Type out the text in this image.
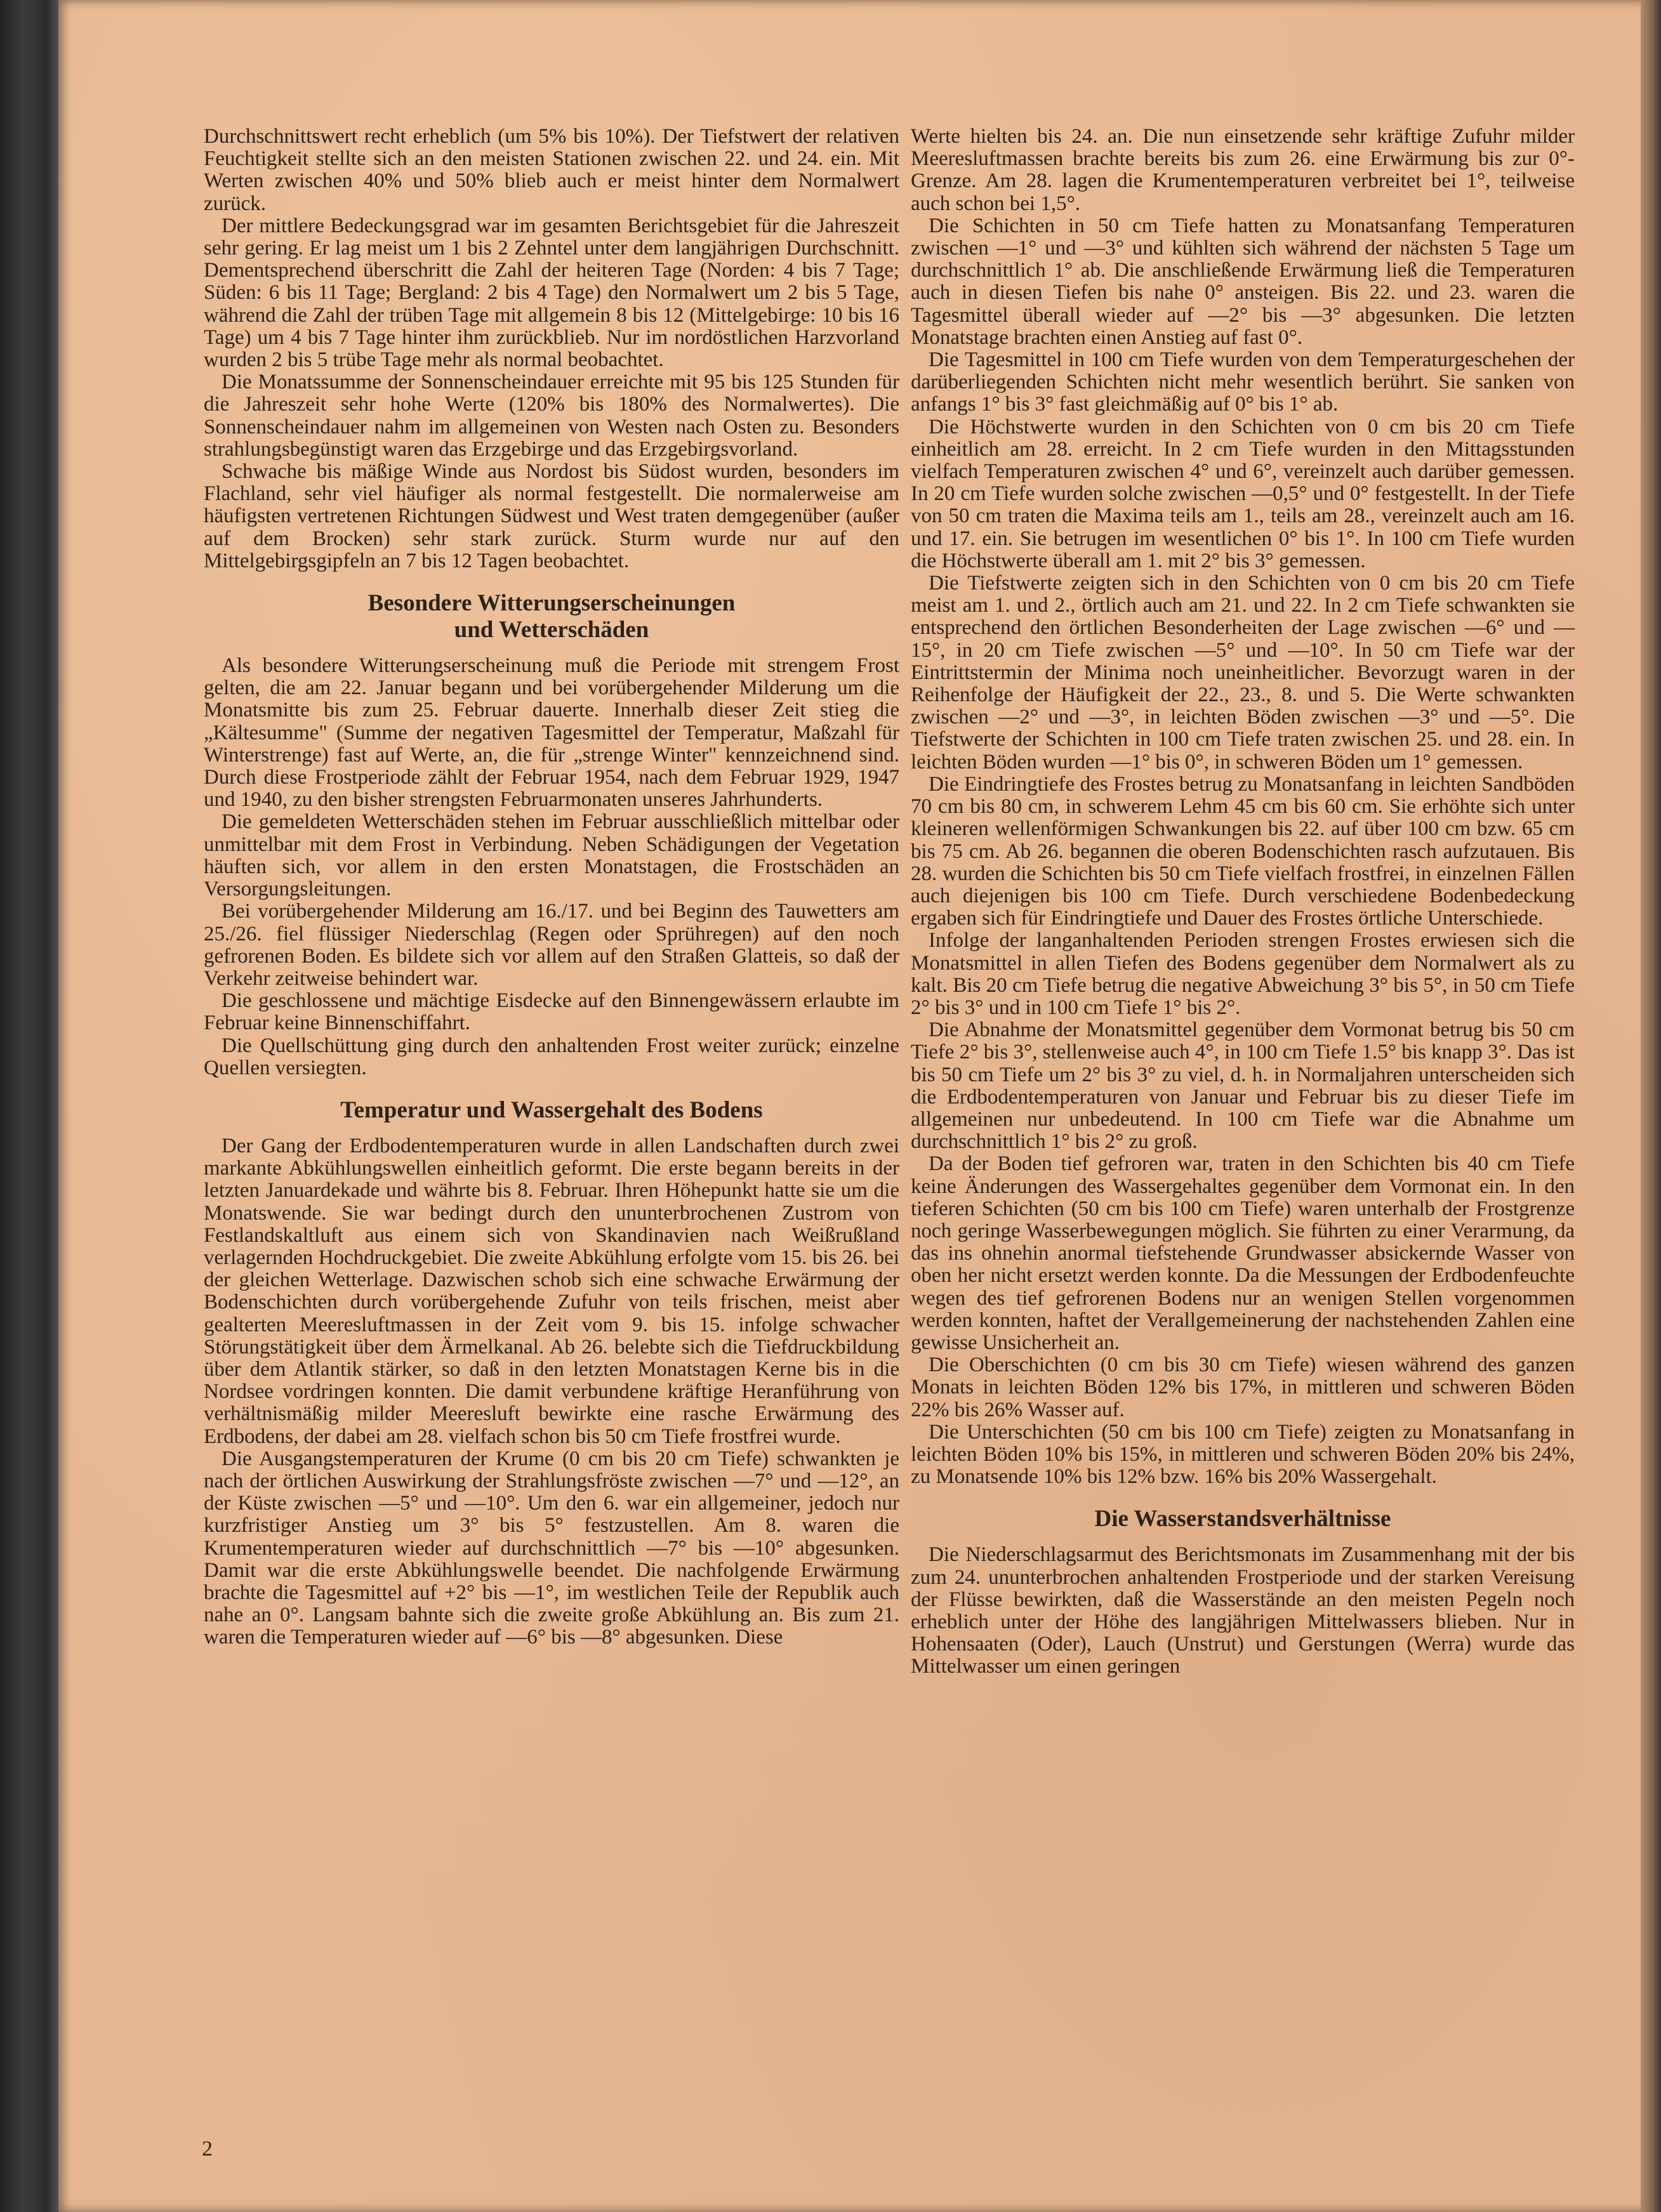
Durchschnittswert recht erheblich (um 5% bis 10%). Der Tiefstwert der relativen Feuchtigkeit stellte sich an den meisten Stationen zwischen 22. und 24. ein. Mit Werten zwischen 40% und 50% blieb auch er meist hinter dem Normalwert zurück.

Der mittlere Bedeckungsgrad war im gesamten Berichtsgebiet für die Jahreszeit sehr gering. Er lag meist um 1 bis 2 Zehntel unter dem langjährigen Durchschnitt. Dementsprechend überschritt die Zahl der heiteren Tage (Norden: 4 bis 7 Tage; Süden: 6 bis 11 Tage; Bergland: 2 bis 4 Tage) den Normalwert um 2 bis 5 Tage, während die Zahl der trüben Tage mit allgemein 8 bis 12 (Mittelgebirge: 10 bis 16 Tage) um 4 bis 7 Tage hinter ihm zurückblieb. Nur im nordöstlichen Harzvorland wurden 2 bis 5 trübe Tage mehr als normal beobachtet.

Die Monatssumme der Sonnenscheindauer erreichte mit 95 bis 125 Stunden für die Jahreszeit sehr hohe Werte (120% bis 180% des Normalwertes). Die Sonnenscheindauer nahm im allgemeinen von Westen nach Osten zu. Besonders strahlungsbegünstigt waren das Erzgebirge und das Erzgebirgsvorland.

Schwache bis mäßige Winde aus Nordost bis Südost wurden, besonders im Flachland, sehr viel häufiger als normal festgestellt. Die normalerweise am häufigsten vertretenen Richtungen Südwest und West traten demgegenüber (außer auf dem Brocken) sehr stark zurück. Sturm wurde nur auf den Mittelgebirgsgipfeln an 7 bis 12 Tagen beobachtet.

Besondere Witterungserscheinungen
und Wetterschäden

Als besondere Witterungserscheinung muß die Periode mit strengem Frost gelten, die am 22. Januar begann und bei vorübergehender Milderung um die Monatsmitte bis zum 25. Februar dauerte. Innerhalb dieser Zeit stieg die „Kältesumme" (Summe der negativen Tagesmittel der Temperatur, Maßzahl für Winterstrenge) fast auf Werte, an, die für „strenge Winter" kennzeichnend sind. Durch diese Frostperiode zählt der Februar 1954, nach dem Februar 1929, 1947 und 1940, zu den bisher strengsten Februarmonaten unseres Jahrhunderts.

Die gemeldeten Wetterschäden stehen im Februar ausschließlich mittelbar oder unmittelbar mit dem Frost in Verbindung. Neben Schädigungen der Vegetation häuften sich, vor allem in den ersten Monatstagen, die Frostschäden an Versorgungsleitungen.

Bei vorübergehender Milderung am 16./17. und bei Beginn des Tauwetters am 25./26. fiel flüssiger Niederschlag (Regen oder Sprühregen) auf den noch gefrorenen Boden. Es bildete sich vor allem auf den Straßen Glatteis, so daß der Verkehr zeitweise behindert war.

Die geschlossene und mächtige Eisdecke auf den Binnengewässern erlaubte im Februar keine Binnenschiffahrt.

Die Quellschüttung ging durch den anhaltenden Frost weiter zurück; einzelne Quellen versiegten.

Temperatur und Wassergehalt des Bodens

Der Gang der Erdbodentemperaturen wurde in allen Landschaften durch zwei markante Abkühlungswellen einheitlich geformt. Die erste begann bereits in der letzten Januardekade und währte bis 8. Februar. Ihren Höhepunkt hatte sie um die Monatswende. Sie war bedingt durch den ununterbrochenen Zustrom von Festlandskaltluft aus einem sich von Skandinavien nach Weißrußland verlagernden Hochdruckgebiet. Die zweite Abkühlung erfolgte vom 15. bis 26. bei der gleichen Wetterlage. Dazwischen schob sich eine schwache Erwärmung der Bodenschichten durch vorübergehende Zufuhr von teils frischen, meist aber gealterten Meeresluftmassen in der Zeit vom 9. bis 15. infolge schwacher Störungstätigkeit über dem Ärmelkanal. Ab 26. belebte sich die Tiefdruckbildung über dem Atlantik stärker, so daß in den letzten Monatstagen Kerne bis in die Nordsee vordringen konnten. Die damit verbundene kräftige Heranführung von verhältnismäßig milder Meeresluft bewirkte eine rasche Erwärmung des Erdbodens, der dabei am 28. vielfach schon bis 50 cm Tiefe frostfrei wurde.

Die Ausgangstemperaturen der Krume (0 cm bis 20 cm Tiefe) schwankten je nach der örtlichen Auswirkung der Strahlungsfröste zwischen —7° und —12°, an der Küste zwischen —5° und —10°. Um den 6. war ein allgemeiner, jedoch nur kurzfristiger Anstieg um 3° bis 5° festzustellen. Am 8. waren die Krumentemperaturen wieder auf durchschnittlich —7° bis —10° abgesunken. Damit war die erste Abkühlungswelle beendet. Die nachfolgende Erwärmung brachte die Tagesmittel auf +2° bis —1°, im westlichen Teile der Republik auch nahe an 0°. Langsam bahnte sich die zweite große Abkühlung an. Bis zum 21. waren die Temperaturen wieder auf —6° bis —8° abgesunken. Diese

Werte hielten bis 24. an. Die nun einsetzende sehr kräftige Zufuhr milder Meeresluftmassen brachte bereits bis zum 26. eine Erwärmung bis zur 0°-Grenze. Am 28. lagen die Krumentemperaturen verbreitet bei 1°, teilweise auch schon bei 1,5°.

Die Schichten in 50 cm Tiefe hatten zu Monatsanfang Temperaturen zwischen —1° und —3° und kühlten sich während der nächsten 5 Tage um durchschnittlich 1° ab. Die anschließende Erwärmung ließ die Temperaturen auch in diesen Tiefen bis nahe 0° ansteigen. Bis 22. und 23. waren die Tagesmittel überall wieder auf —2° bis —3° abgesunken. Die letzten Monatstage brachten einen Anstieg auf fast 0°.

Die Tagesmittel in 100 cm Tiefe wurden von dem Temperaturgeschehen der darüberliegenden Schichten nicht mehr wesentlich berührt. Sie sanken von anfangs 1° bis 3° fast gleichmäßig auf 0° bis 1° ab.

Die Höchstwerte wurden in den Schichten von 0 cm bis 20 cm Tiefe einheitlich am 28. erreicht. In 2 cm Tiefe wurden in den Mittagsstunden vielfach Temperaturen zwischen 4° und 6°, vereinzelt auch darüber gemessen. In 20 cm Tiefe wurden solche zwischen —0,5° und 0° festgestellt. In der Tiefe von 50 cm traten die Maxima teils am 1., teils am 28., vereinzelt auch am 16. und 17. ein. Sie betrugen im wesentlichen 0° bis 1°. In 100 cm Tiefe wurden die Höchstwerte überall am 1. mit 2° bis 3° gemessen.

Die Tiefstwerte zeigten sich in den Schichten von 0 cm bis 20 cm Tiefe meist am 1. und 2., örtlich auch am 21. und 22. In 2 cm Tiefe schwankten sie entsprechend den örtlichen Besonderheiten der Lage zwischen —6° und —15°, in 20 cm Tiefe zwischen —5° und —10°. In 50 cm Tiefe war der Eintrittstermin der Minima noch uneinheitlicher. Bevorzugt waren in der Reihenfolge der Häufigkeit der 22., 23., 8. und 5. Die Werte schwankten zwischen —2° und —3°, in leichten Böden zwischen —3° und —5°. Die Tiefstwerte der Schichten in 100 cm Tiefe traten zwischen 25. und 28. ein. In leichten Böden wurden —1° bis 0°, in schweren Böden um 1° gemessen.

Die Eindringtiefe des Frostes betrug zu Monatsanfang in leichten Sandböden 70 cm bis 80 cm, in schwerem Lehm 45 cm bis 60 cm. Sie erhöhte sich unter kleineren wellenförmigen Schwankungen bis 22. auf über 100 cm bzw. 65 cm bis 75 cm. Ab 26. begannen die oberen Bodenschichten rasch aufzutauen. Bis 28. wurden die Schichten bis 50 cm Tiefe vielfach frostfrei, in einzelnen Fällen auch diejenigen bis 100 cm Tiefe. Durch verschiedene Bodenbedeckung ergaben sich für Eindringtiefe und Dauer des Frostes örtliche Unterschiede.

Infolge der langanhaltenden Perioden strengen Frostes erwiesen sich die Monatsmittel in allen Tiefen des Bodens gegenüber dem Normalwert als zu kalt. Bis 20 cm Tiefe betrug die negative Abweichung 3° bis 5°, in 50 cm Tiefe 2° bis 3° und in 100 cm Tiefe 1° bis 2°.

Die Abnahme der Monatsmittel gegenüber dem Vormonat betrug bis 50 cm Tiefe 2° bis 3°, stellenweise auch 4°, in 100 cm Tiefe 1.5° bis knapp 3°. Das ist bis 50 cm Tiefe um 2° bis 3° zu viel, d. h. in Normaljahren unterscheiden sich die Erdbodentemperaturen von Januar und Februar bis zu dieser Tiefe im allgemeinen nur unbedeutend. In 100 cm Tiefe war die Abnahme um durchschnittlich 1° bis 2° zu groß.

Da der Boden tief gefroren war, traten in den Schichten bis 40 cm Tiefe keine Änderungen des Wassergehaltes gegenüber dem Vormonat ein. In den tieferen Schichten (50 cm bis 100 cm Tiefe) waren unterhalb der Frostgrenze noch geringe Wasserbewegungen möglich. Sie führten zu einer Verarmung, da das ins ohnehin anormal tiefstehende Grundwasser absickernde Wasser von oben her nicht ersetzt werden konnte. Da die Messungen der Erdbodenfeuchte wegen des tief gefrorenen Bodens nur an wenigen Stellen vorgenommen werden konnten, haftet der Verallgemeinerung der nachstehenden Zahlen eine gewisse Unsicherheit an.

Die Oberschichten (0 cm bis 30 cm Tiefe) wiesen während des ganzen Monats in leichten Böden 12% bis 17%, in mittleren und schweren Böden 22% bis 26% Wasser auf.

Die Unterschichten (50 cm bis 100 cm Tiefe) zeigten zu Monatsanfang in leichten Böden 10% bis 15%, in mittleren und schweren Böden 20% bis 24%, zu Monatsende 10% bis 12% bzw. 16% bis 20% Wassergehalt.

Die Wasserstandsverhältnisse

Die Niederschlagsarmut des Berichtsmonats im Zusammenhang mit der bis zum 24. ununterbrochen anhaltenden Frostperiode und der starken Vereisung der Flüsse bewirkten, daß die Wasserstände an den meisten Pegeln noch erheblich unter der Höhe des langjährigen Mittelwassers blieben. Nur in Hohensaaten (Oder), Lauch (Unstrut) und Gerstungen (Werra) wurde das Mittelwasser um einen geringen

2
